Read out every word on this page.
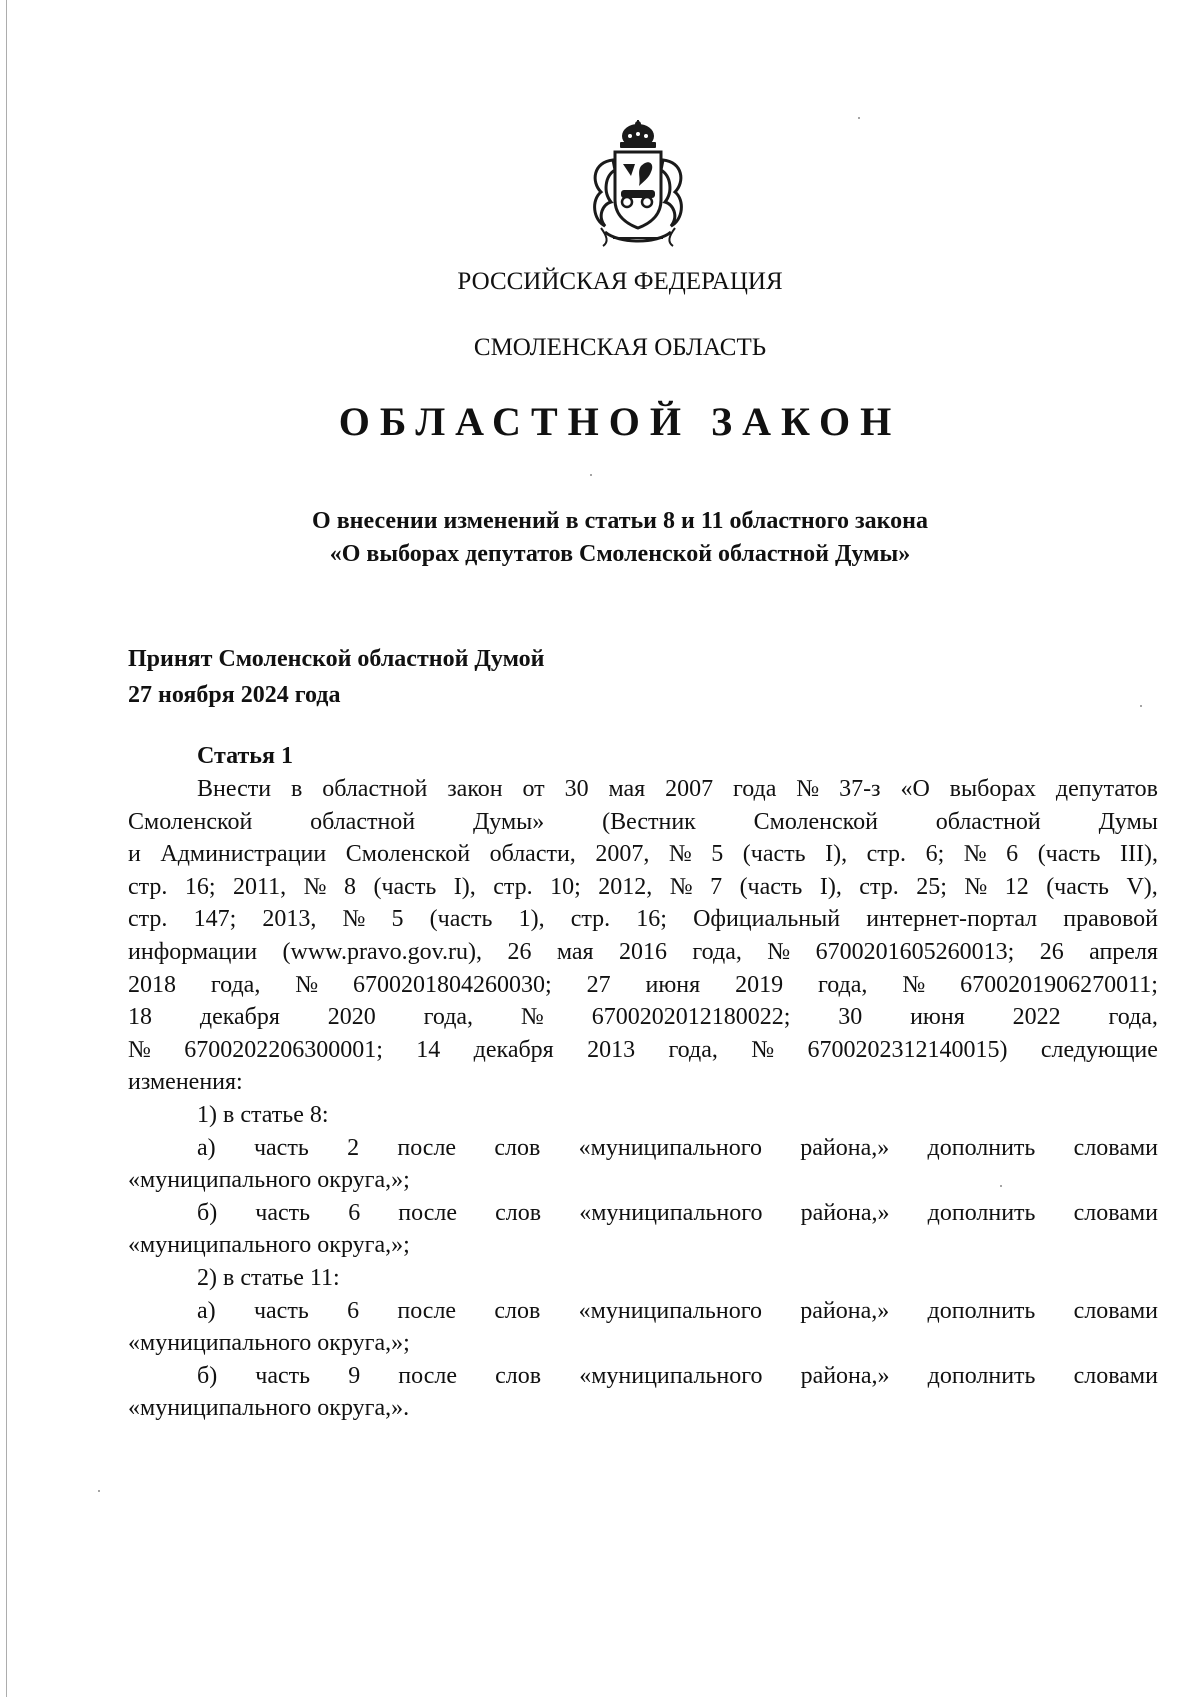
РОССИЙСКАЯ ФЕДЕРАЦИЯ
СМОЛЕНСКАЯ ОБЛАСТЬ
ОБЛАСТНОЙ ЗАКОН
О внесении изменений в статьи 8 и 11 областного закона
«О выборах депутатов Смоленской областной Думы»
Принят Смоленской областной Думой
27 ноября 2024 года
Статья 1
Внести в областной закон от 30 мая 2007 года № 37-з «О выборах депутатов
Смоленской областной Думы» (Вестник Смоленской областной Думы
и Администрации Смоленской области, 2007, № 5 (часть I), стр. 6; № 6 (часть III),
стр. 16; 2011, № 8 (часть I), стр. 10; 2012, № 7 (часть I), стр. 25; № 12 (часть V),
стр. 147; 2013, № 5 (часть 1), стр. 16; Официальный интернет-портал правовой
информации (www.pravo.gov.ru), 26 мая 2016 года, № 6700201605260013; 26 апреля
2018 года, № 6700201804260030; 27 июня 2019 года, № 6700201906270011;
18 декабря 2020 года, № 6700202012180022; 30 июня 2022 года,
№ 6700202206300001; 14 декабря 2013 года, № 6700202312140015) следующие
изменения:
1) в статье 8:
а) часть 2 после слов «муниципального района,» дополнить словами
«муниципального округа,»;
б) часть 6 после слов «муниципального района,» дополнить словами
«муниципального округа,»;
2) в статье 11:
а) часть 6 после слов «муниципального района,» дополнить словами
«муниципального округа,»;
б) часть 9 после слов «муниципального района,» дополнить словами
«муниципального округа,».
